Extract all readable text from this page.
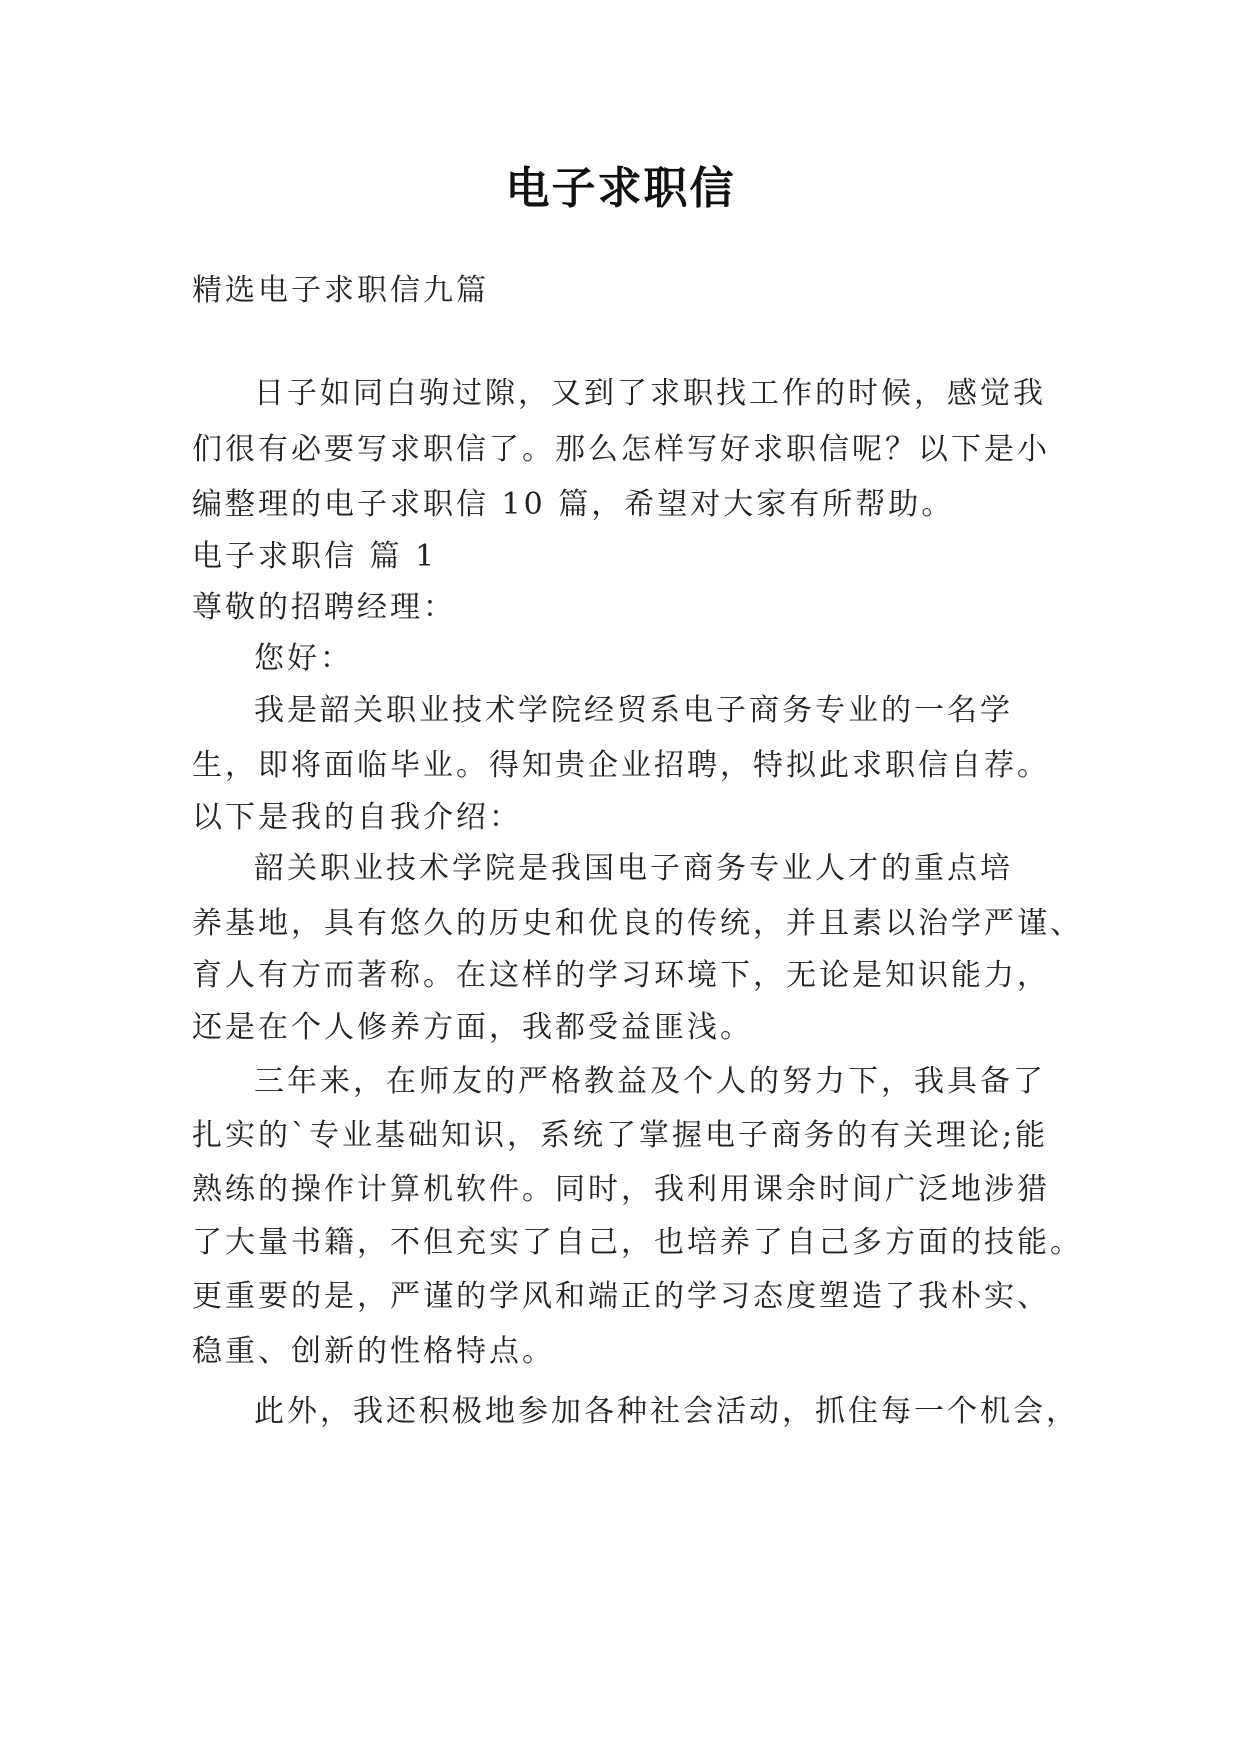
电子求职信
精选电子求职信九篇
日子如同白驹过隙，又到了求职找工作的时候，感觉我
们很有必要写求职信了。那么怎样写好求职信呢？以下是小
编整理的电子求职信 10 篇，希望对大家有所帮助。
电子求职信 篇 1
尊敬的招聘经理：
您好：
我是韶关职业技术学院经贸系电子商务专业的一名学
生，即将面临毕业。得知贵企业招聘，特拟此求职信自荐。
以下是我的自我介绍：
韶关职业技术学院是我国电子商务专业人才的重点培
养基地，具有悠久的历史和优良的传统，并且素以治学严谨、
育人有方而著称。在这样的学习环境下，无论是知识能力，
还是在个人修养方面，我都受益匪浅。
三年来，在师友的严格教益及个人的努力下，我具备了
扎实的`专业基础知识，系统了掌握电子商务的有关理论;能
熟练的操作计算机软件。同时，我利用课余时间广泛地涉猎
了大量书籍，不但充实了自己，也培养了自己多方面的技能。
更重要的是，严谨的学风和端正的学习态度塑造了我朴实、
稳重、创新的性格特点。
此外，我还积极地参加各种社会活动，抓住每一个机会，
